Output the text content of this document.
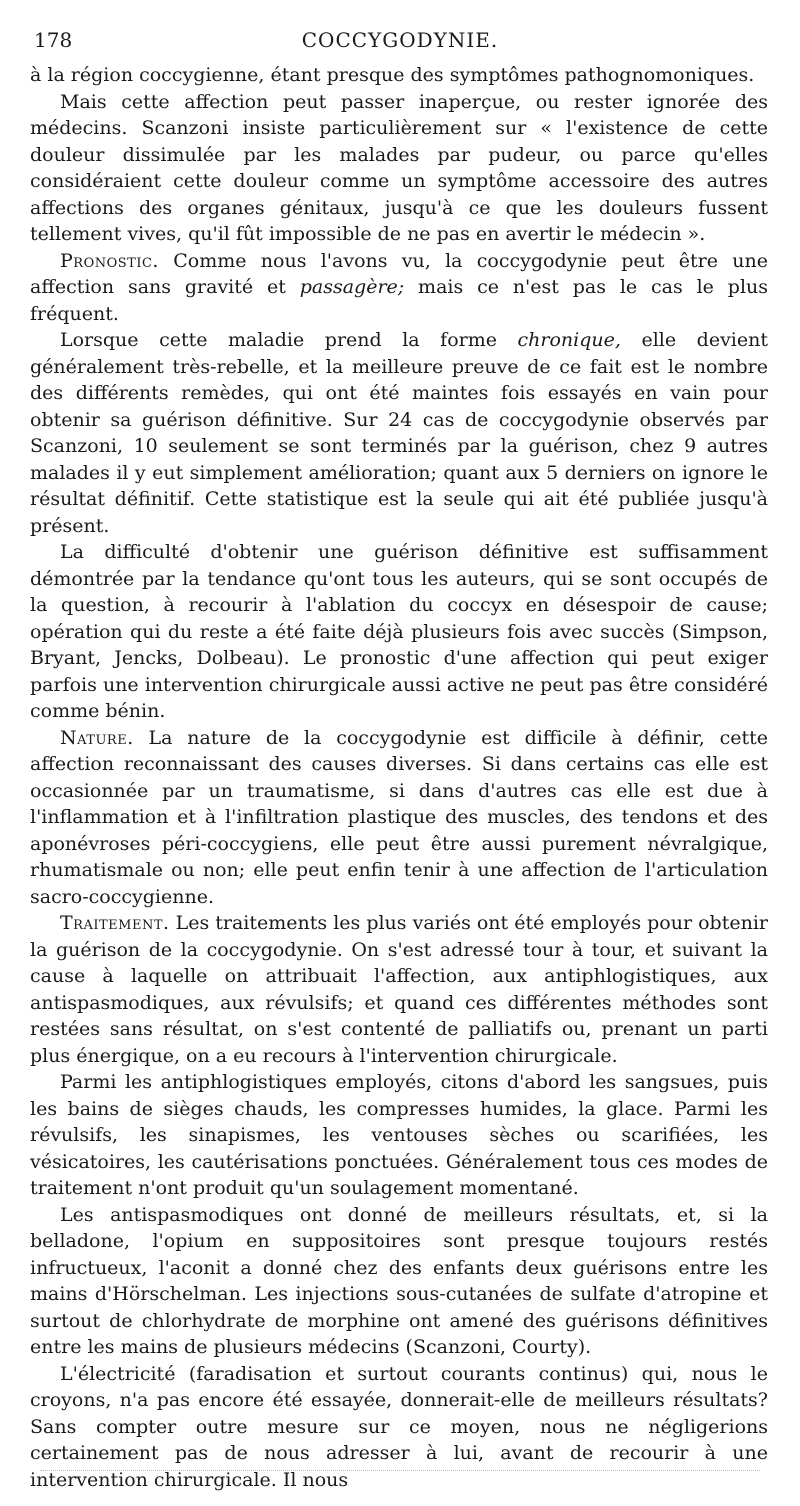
178	COCCYGODYNIE.

à la région coccygienne, étant presque des symptômes pathognomoniques.

Mais cette affection peut passer inaperçue, ou rester ignorée des médecins. Scanzoni insiste particulièrement sur « l'existence de cette douleur dissimulée par les malades par pudeur, ou parce qu'elles considéraient cette douleur comme un symptôme accessoire des autres affections des organes génitaux, jusqu'à ce que les douleurs fussent tellement vives, qu'il fût impossible de ne pas en avertir le médecin ».

Pronostic. Comme nous l'avons vu, la coccygodynie peut être une affection sans gravité et passagère; mais ce n'est pas le cas le plus fréquent.

Lorsque cette maladie prend la forme chronique, elle devient généralement très-rebelle, et la meilleure preuve de ce fait est le nombre des différents remèdes, qui ont été maintes fois essayés en vain pour obtenir sa guérison définitive. Sur 24 cas de coccygodynie observés par Scanzoni, 10 seulement se sont terminés par la guérison, chez 9 autres malades il y eut simplement amélioration; quant aux 5 derniers on ignore le résultat définitif. Cette statistique est la seule qui ait été publiée jusqu'à présent.

La difficulté d'obtenir une guérison définitive est suffisamment démontrée par la tendance qu'ont tous les auteurs, qui se sont occupés de la question, à recourir à l'ablation du coccyx en désespoir de cause; opération qui du reste a été faite déjà plusieurs fois avec succès (Simpson, Bryant, Jencks, Dolbeau). Le pronostic d'une affection qui peut exiger parfois une intervention chirurgicale aussi active ne peut pas être considéré comme bénin.

Nature. La nature de la coccygodynie est difficile à définir, cette affection reconnaissant des causes diverses. Si dans certains cas elle est occasionnée par un traumatisme, si dans d'autres cas elle est due à l'inflammation et à l'infiltration plastique des muscles, des tendons et des aponévroses péri-coccygiens, elle peut être aussi purement névralgique, rhumatismale ou non; elle peut enfin tenir à une affection de l'articulation sacro-coccygienne.

Traitement. Les traitements les plus variés ont été employés pour obtenir la guérison de la coccygodynie. On s'est adressé tour à tour, et suivant la cause à laquelle on attribuait l'affection, aux antiphlogistiques, aux antispasmodiques, aux révulsifs; et quand ces différentes méthodes sont restées sans résultat, on s'est contenté de palliatifs ou, prenant un parti plus énergique, on a eu recours à l'intervention chirurgicale.

Parmi les antiphlogistiques employés, citons d'abord les sangsues, puis les bains de sièges chauds, les compresses humides, la glace. Parmi les révulsifs, les sinapismes, les ventouses sèches ou scarifiées, les vésicatoires, les cautérisations ponctuées. Généralement tous ces modes de traitement n'ont produit qu'un soulagement momentané.

Les antispasmodiques ont donné de meilleurs résultats, et, si la belladone, l'opium en suppositoires sont presque toujours restés infructueux, l'aconit a donné chez des enfants deux guérisons entre les mains d'Hörschelman. Les injections sous-cutanées de sulfate d'atropine et surtout de chlorhydrate de morphine ont amené des guérisons définitives entre les mains de plusieurs médecins (Scanzoni, Courty).

L'électricité (faradisation et surtout courants continus) qui, nous le croyons, n'a pas encore été essayée, donnerait-elle de meilleurs résultats? Sans compter outre mesure sur ce moyen, nous ne négligerions certainement pas de nous adresser à lui, avant de recourir à une intervention chirurgicale. Il nous
